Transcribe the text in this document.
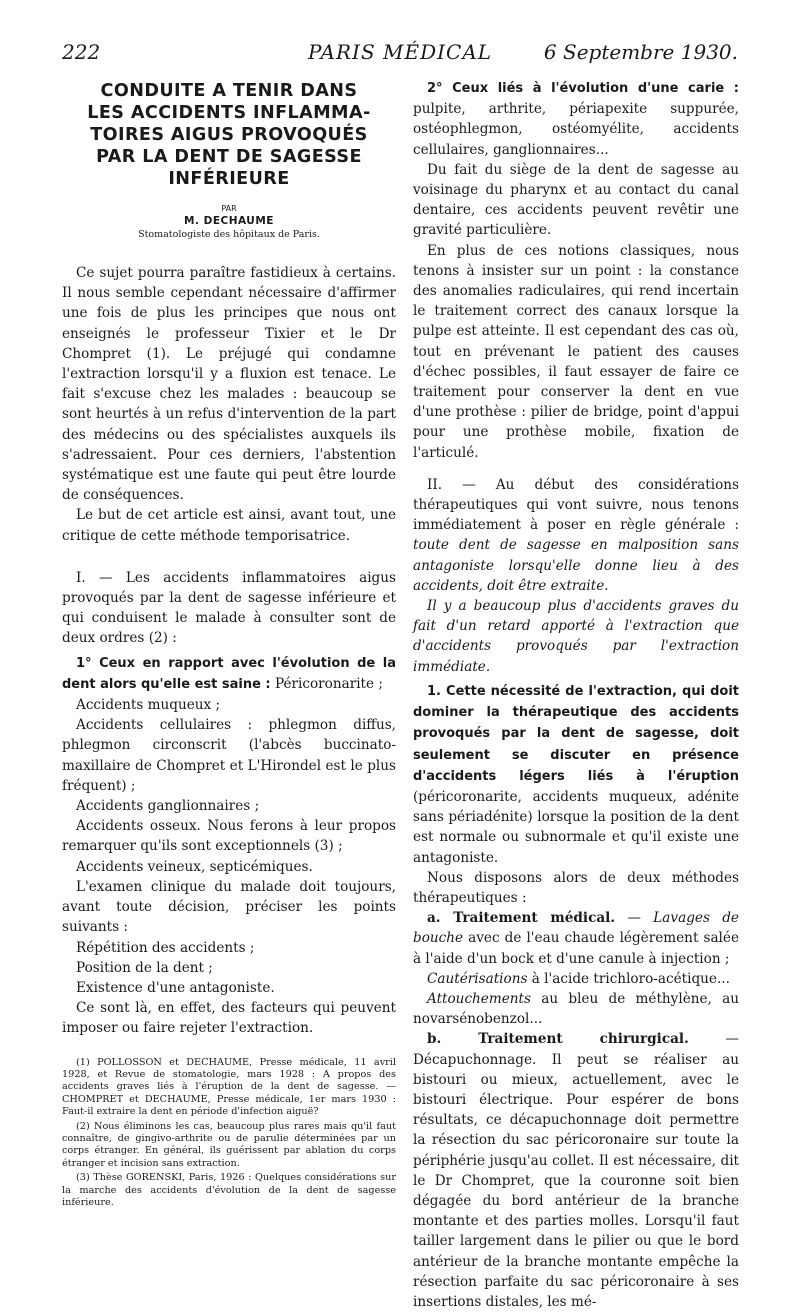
222	PARIS MÉDICAL	6 Septembre 1930.

CONDUITE A TENIR DANS

LES ACCIDENTS INFLAMMA-

TOIRES AIGUS PROVOQUÉS

PAR LA DENT DE SAGESSE

INFÉRIEURE

PAR
M. DECHAUME
Stomatologiste des hôpitaux de Paris.

Ce sujet pourra paraître fastidieux à certains. Il nous semble cependant nécessaire d'affirmer une fois de plus les principes que nous ont enseignés le professeur Tixier et le Dr Chompret (1). Le préjugé qui condamne l'extraction lorsqu'il y a fluxion est tenace. Le fait s'excuse chez les malades : beaucoup se sont heurtés à un refus d'intervention de la part des médecins ou des spécialistes auxquels ils s'adressaient. Pour ces derniers, l'abstention systématique est une faute qui peut être lourde de conséquences.

Le but de cet article est ainsi, avant tout, une critique de cette méthode temporisatrice.

I. — Les accidents inflammatoires aigus provoqués par la dent de sagesse inférieure et qui conduisent le malade à consulter sont de deux ordres (2) :

1° Ceux en rapport avec l'évolution de la dent alors qu'elle est saine : Péricoronarite ;

Accidents muqueux ;

Accidents cellulaires : phlegmon diffus, phlegmon circonscrit (l'abcès buccinato-maxillaire de Chompret et L'Hirondel est le plus fréquent) ;

Accidents ganglionnaires ;

Accidents osseux. Nous ferons à leur propos remarquer qu'ils sont exceptionnels (3) ;

Accidents veineux, septicémiques.

L'examen clinique du malade doit toujours, avant toute décision, préciser les points suivants :

Répétition des accidents ;

Position de la dent ;

Existence d'une antagoniste.

Ce sont là, en effet, des facteurs qui peuvent imposer ou faire rejeter l'extraction.

(1) POLLOSSON et DECHAUME, Presse médicale, 11 avril 1928, et Revue de stomatologie, mars 1928 : A propos des accidents graves liés à l'éruption de la dent de sagesse. — CHOMPRET et DECHAUME, Presse médicale, 1er mars 1930 : Faut-il extraire la dent en période d'infection aiguë?

(2) Nous éliminons les cas, beaucoup plus rares mais qu'il faut connaître, de gingivo-arthrite ou de parulie déterminées par un corps étranger. En général, ils guérissent par ablation du corps étranger et incision sans extraction.

(3) Thèse GORENSKI, Paris, 1926 : Quelques considérations sur la marche des accidents d'évolution de la dent de sagesse inférieure.

2° Ceux liés à l'évolution d'une carie : pulpite, arthrite, périapexite suppurée, ostéophlegmon, ostéomyélite, accidents cellulaires, ganglionnaires...

Du fait du siège de la dent de sagesse au voisinage du pharynx et au contact du canal dentaire, ces accidents peuvent revêtir une gravité particulière.

En plus de ces notions classiques, nous tenons à insister sur un point : la constance des anomalies radiculaires, qui rend incertain le traitement correct des canaux lorsque la pulpe est atteinte. Il est cependant des cas où, tout en prévenant le patient des causes d'échec possibles, il faut essayer de faire ce traitement pour conserver la dent en vue d'une prothèse : pilier de bridge, point d'appui pour une prothèse mobile, fixation de l'articulé.

II. — Au début des considérations thérapeutiques qui vont suivre, nous tenons immédiatement à poser en règle générale : toute dent de sagesse en malposition sans antagoniste lorsqu'elle donne lieu à des accidents, doit être extraite.

Il y a beaucoup plus d'accidents graves du fait d'un retard apporté à l'extraction que d'accidents provoqués par l'extraction immédiate.

1. Cette nécessité de l'extraction, qui doit dominer la thérapeutique des accidents provoqués par la dent de sagesse, doit seulement se discuter en présence d'accidents légers liés à l'éruption (péricoronarite, accidents muqueux, adénite sans périadénite) lorsque la position de la dent est normale ou subnormale et qu'il existe une antagoniste.

Nous disposons alors de deux méthodes thérapeutiques :

a. Traitement médical. — Lavages de bouche avec de l'eau chaude légèrement salée à l'aide d'un bock et d'une canule à injection ;

Cautérisations à l'acide trichloro-acétique...

Attouchements au bleu de méthylène, au novarsénobenzol...

b. Traitement chirurgical. — Décapuchonnage. Il peut se réaliser au bistouri ou mieux, actuellement, avec le bistouri électrique. Pour espérer de bons résultats, ce décapuchonnage doit permettre la résection du sac péricoronaire sur toute la périphérie jusqu'au collet. Il est nécessaire, dit le Dr Chompret, que la couronne soit bien dégagée du bord antérieur de la branche montante et des parties molles. Lorsqu'il faut tailler largement dans le pilier ou que le bord antérieur de la branche montante empêche la résection parfaite du sac péricoronaire à ses insertions distales, les mé-
